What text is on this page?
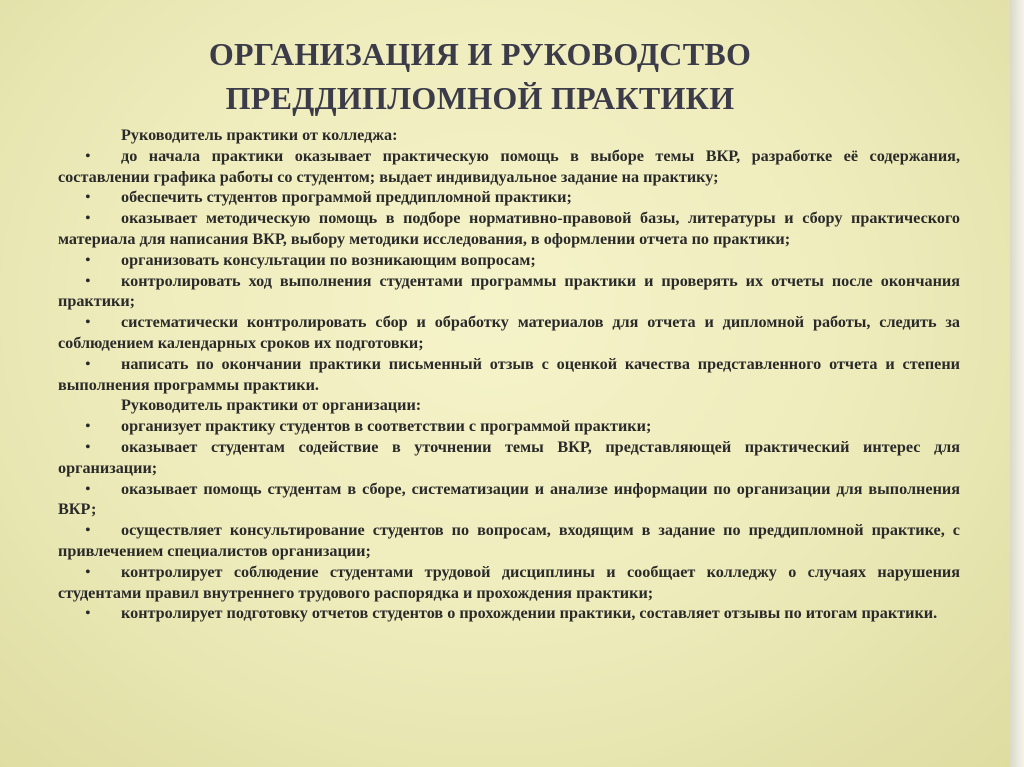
ОРГАНИЗАЦИЯ И РУКОВОДСТВО
ПРЕДДИПЛОМНОЙ ПРАКТИКИ
Руководитель практики от колледжа:
• до начала практики оказывает практическую помощь в выборе темы ВКР, разработке её содержания, составлении графика работы со студентом; выдает индивидуальное задание на практику;
• обеспечить студентов программой преддипломной практики;
• оказывает методическую помощь в подборе нормативно-правовой базы, литературы и сбору практического материала для написания ВКР, выбору методики исследования, в оформлении отчета по практики;
• организовать консультации по возникающим вопросам;
• контролировать ход выполнения студентами программы практики и проверять их отчеты после окончания практики;
• систематически контролировать сбор и обработку материалов для отчета и дипломной работы, следить за соблюдением календарных сроков их подготовки;
• написать по окончании практики письменный отзыв с оценкой качества представленного отчета и степени выполнения программы практики.
Руководитель практики от организации:
• организует практику студентов в соответствии с программой практики;
• оказывает студентам содействие в уточнении темы ВКР, представляющей практический интерес для организации;
• оказывает помощь студентам в сборе, систематизации и анализе информации по организации для выполнения ВКР;
• осуществляет консультирование студентов по вопросам, входящим в задание по преддипломной практике, с привлечением специалистов организации;
• контролирует соблюдение студентами трудовой дисциплины и сообщает колледжу о случаях нарушения студентами правил внутреннего трудового распорядка и прохождения практики;
• контролирует подготовку отчетов студентов о прохождении практики, составляет отзывы по итогам практики.
